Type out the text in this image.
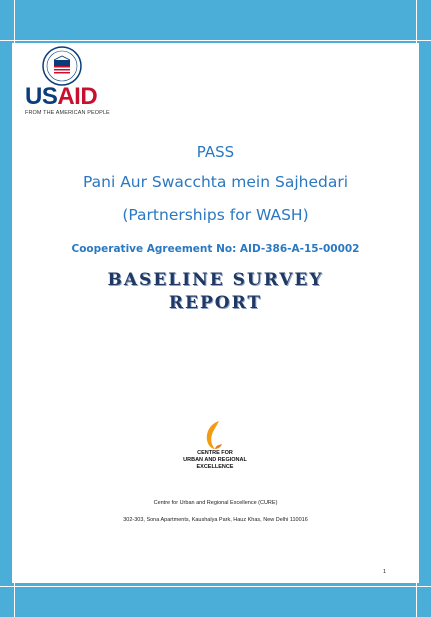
USAID
FROM THE AMERICAN PEOPLE
PASS
Pani Aur Swacchta mein Sajhedari
(Partnerships for WASH)
Cooperative Agreement No: AID-386-A-15-00002
BASELINE SURVEY
REPORT
CENTRE FOR
URBAN AND REGIONAL
EXCELLENCE
Centre for Urban and Regional Excellence (CURE)
302-303, Sona Apartments, Kaushalya Park, Hauz Khas, New Delhi 110016
1
